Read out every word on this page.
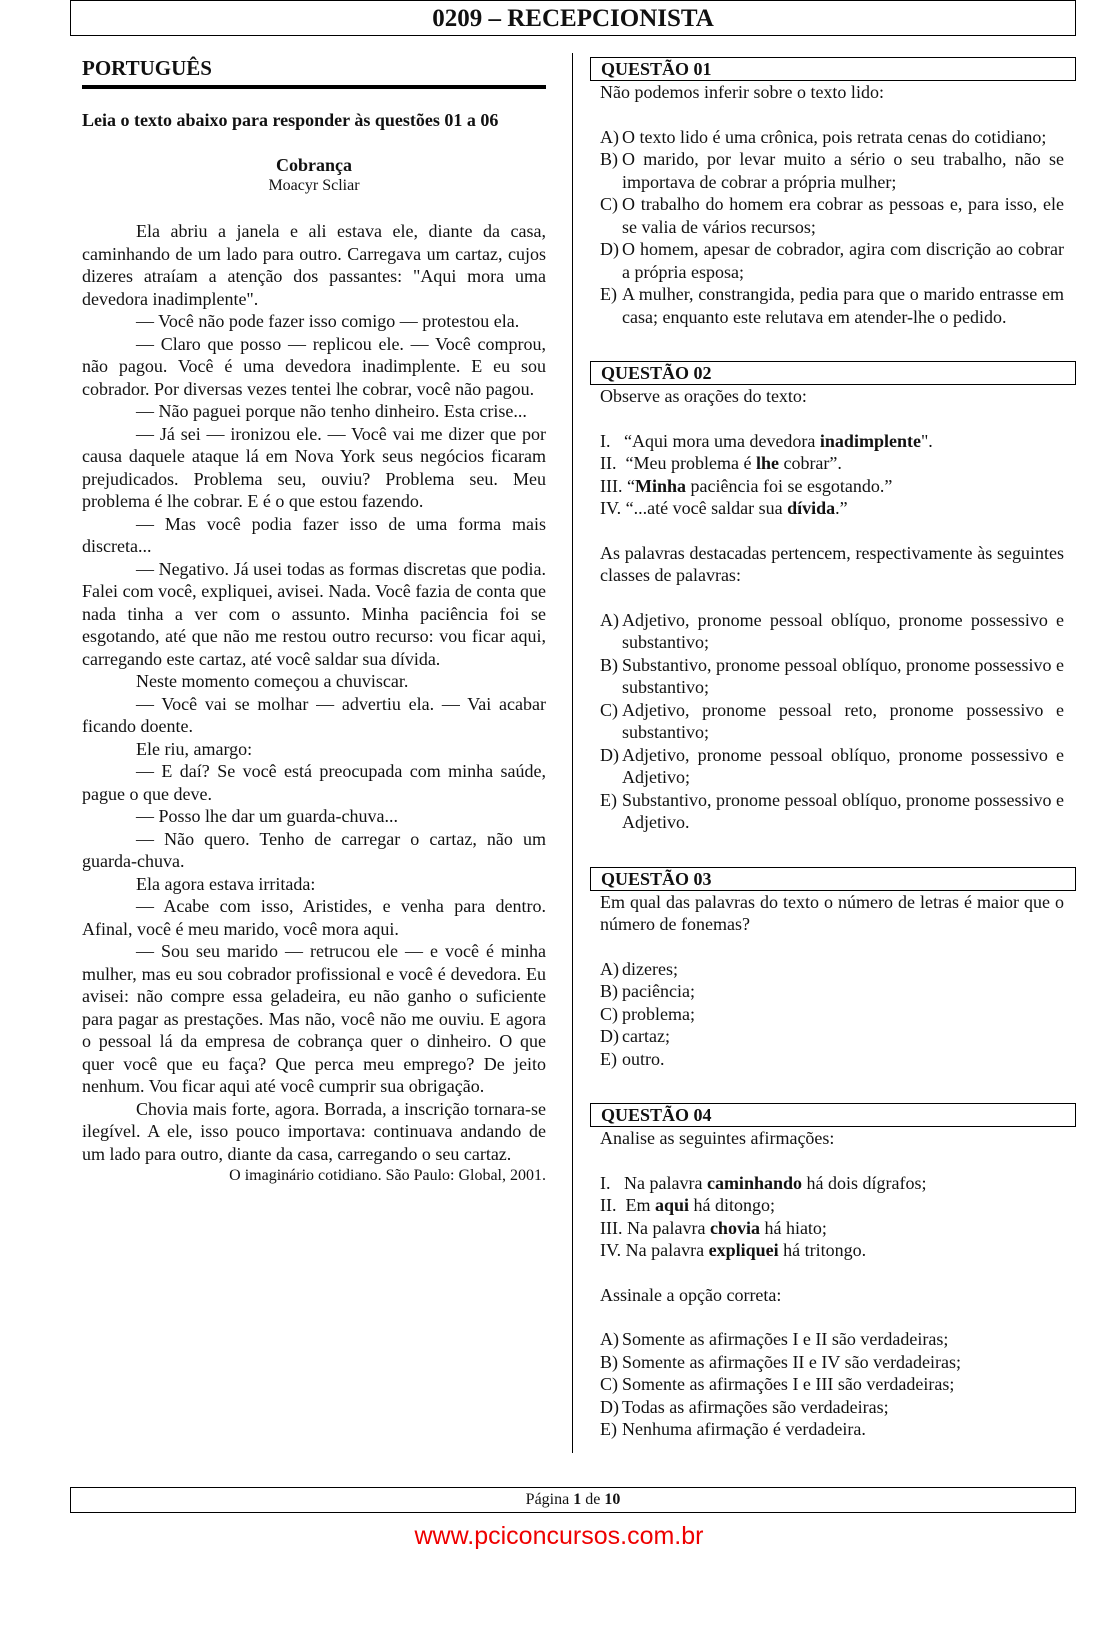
0209 – RECEPCIONISTA
PORTUGUÊS
Leia o texto abaixo para responder às questões 01 a 06
Cobrança
Moacyr Scliar

Ela abriu a janela e ali estava ele, diante da casa, caminhando de um lado para outro. Carregava um cartaz, cujos dizeres atraíam a atenção dos passantes: "Aqui mora uma devedora inadimplente".

— Você não pode fazer isso comigo — protestou ela.

— Claro que posso — replicou ele. — Você comprou, não pagou. Você é uma devedora inadimplente. E eu sou cobrador. Por diversas vezes tentei lhe cobrar, você não pagou.

— Não paguei porque não tenho dinheiro. Esta crise...

— Já sei — ironizou ele. — Você vai me dizer que por causa daquele ataque lá em Nova York seus negócios ficaram prejudicados. Problema seu, ouviu? Problema seu. Meu problema é lhe cobrar. E é o que estou fazendo.

— Mas você podia fazer isso de uma forma mais discreta...

— Negativo. Já usei todas as formas discretas que podia. Falei com você, expliquei, avisei. Nada. Você fazia de conta que nada tinha a ver com o assunto. Minha paciência foi se esgotando, até que não me restou outro recurso: vou ficar aqui, carregando este cartaz, até você saldar sua dívida.

Neste momento começou a chuviscar.

— Você vai se molhar — advertiu ela. — Vai acabar ficando doente.

Ele riu, amargo:

— E daí? Se você está preocupada com minha saúde, pague o que deve.

— Posso lhe dar um guarda-chuva...

— Não quero. Tenho de carregar o cartaz, não um guarda-chuva.

Ela agora estava irritada:

— Acabe com isso, Aristides, e venha para dentro. Afinal, você é meu marido, você mora aqui.

— Sou seu marido — retrucou ele — e você é minha mulher, mas eu sou cobrador profissional e você é devedora. Eu avisei: não compre essa geladeira, eu não ganho o suficiente para pagar as prestações. Mas não, você não me ouviu. E agora o pessoal lá da empresa de cobrança quer o dinheiro. O que quer você que eu faça? Que perca meu emprego? De jeito nenhum. Vou ficar aqui até você cumprir sua obrigação.

Chovia mais forte, agora. Borrada, a inscrição tornara-se ilegível. A ele, isso pouco importava: continuava andando de um lado para outro, diante da casa, carregando o seu cartaz.

O imaginário cotidiano. São Paulo: Global, 2001.
QUESTÃO 01
Não podemos inferir sobre o texto lido:
A) O texto lido é uma crônica, pois retrata cenas do cotidiano;
B) O marido, por levar muito a sério o seu trabalho, não se importava de cobrar a própria mulher;
C) O trabalho do homem era cobrar as pessoas e, para isso, ele se valia de vários recursos;
D) O homem, apesar de cobrador, agira com discrição ao cobrar a própria esposa;
E) A mulher, constrangida, pedia para que o marido entrasse em casa; enquanto este relutava em atender-lhe o pedido.
QUESTÃO 02
Observe as orações do texto:
I.   “Aqui mora uma devedora inadimplente".
II.  “Meu problema é lhe cobrar”.
III. “Minha paciência foi se esgotando.”
IV. “...até você saldar sua dívida.”
As palavras destacadas pertencem, respectivamente às seguintes classes de palavras:
A) Adjetivo, pronome pessoal oblíquo, pronome possessivo e substantivo;
B) Substantivo, pronome pessoal oblíquo, pronome possessivo e substantivo;
C) Adjetivo, pronome pessoal reto, pronome possessivo e substantivo;
D) Adjetivo, pronome pessoal oblíquo, pronome possessivo e Adjetivo;
E) Substantivo, pronome pessoal oblíquo, pronome possessivo e Adjetivo.
QUESTÃO 03
Em qual das palavras do texto o número de letras é maior que o número de fonemas?
A) dizeres;
B) paciência;
C) problema;
D) cartaz;
E) outro.
QUESTÃO 04
Analise as seguintes afirmações:
I.   Na palavra caminhando há dois dígrafos;
II.  Em aqui há ditongo;
III. Na palavra chovia há hiato;
IV. Na palavra expliquei há tritongo.
Assinale a opção correta:
A) Somente as afirmações I e II são verdadeiras;
B) Somente as afirmações II e IV são verdadeiras;
C) Somente as afirmações I e III são verdadeiras;
D) Todas as afirmações são verdadeiras;
E) Nenhuma afirmação é verdadeira.
Página 1 de 10
www.pciconcursos.com.br
